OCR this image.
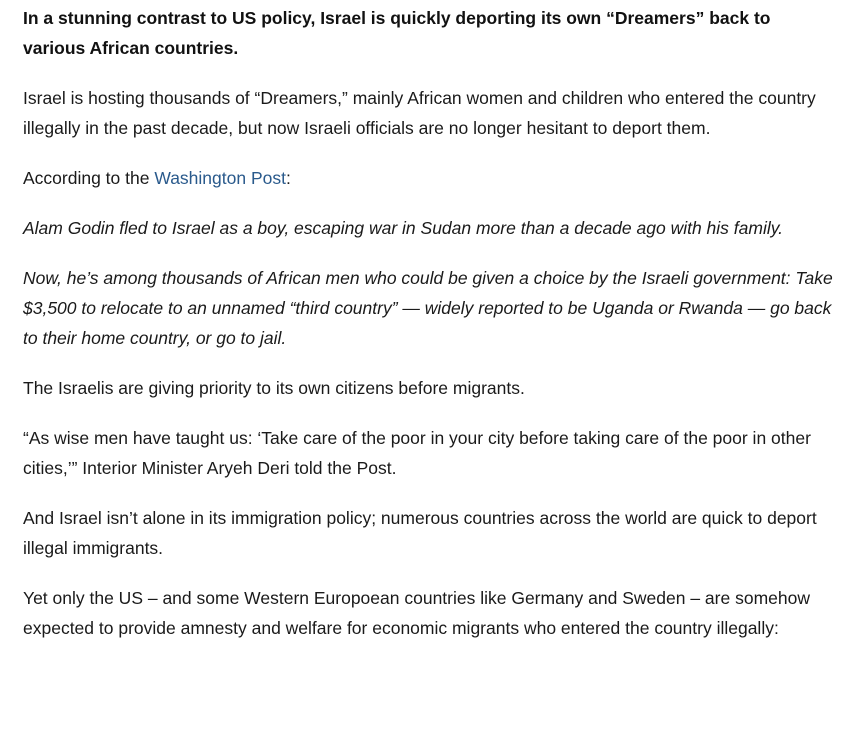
In a stunning contrast to US policy, Israel is quickly deporting its own “Dreamers” back to various African countries.

Israel is hosting thousands of “Dreamers,” mainly African women and children who entered the country illegally in the past decade, but now Israeli officials are no longer hesitant to deport them.

According to the Washington Post:

Alam Godin fled to Israel as a boy, escaping war in Sudan more than a decade ago with his family.

Now, he’s among thousands of African men who could be given a choice by the Israeli government: Take $3,500 to relocate to an unnamed “third country” — widely reported to be Uganda or Rwanda — go back to their home country, or go to jail.

The Israelis are giving priority to its own citizens before migrants.

“As wise men have taught us: ‘Take care of the poor in your city before taking care of the poor in other cities,’” Interior Minister Aryeh Deri told the Post.

And Israel isn’t alone in its immigration policy; numerous countries across the world are quick to deport illegal immigrants.

Yet only the US – and some Western Europoean countries like Germany and Sweden – are somehow expected to provide amnesty and welfare for economic migrants who entered the country illegally:
